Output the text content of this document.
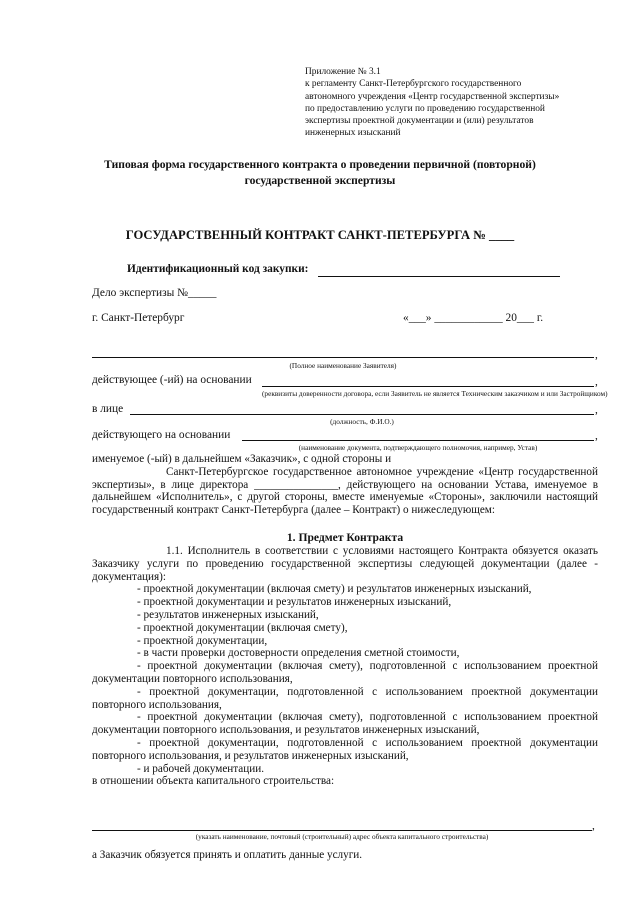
Приложение № 3.1
к регламенту Санкт-Петербургского государственного
автономного учреждения «Центр государственной экспертизы»
по предоставлению услуги по проведению государственной
экспертизы проектной документации и (или) результатов
инженерных изысканий
Типовая форма государственного контракта о проведении первичной (повторной)
государственной экспертизы
ГОСУДАРСТВЕННЫЙ КОНТРАКТ САНКТ-ПЕТЕРБУРГА № ____
Идентификационный код закупки:
Дело экспертизы №_____
г. Санкт-Петербург	«___» ____________ 20___ г.
,
(Полное наименование Заявителя)
действующее (-ий) на основании	,
(реквизиты доверенности договора, если Заявитель не является Техническим заказчиком и или Застройщиком)
в лице	,
(должность, Ф.И.О.)
действующего на основании	,
(наименование документа, подтверждающего полномочия, например, Устав)

именуемое (-ый) в дальнейшем «Заказчик», с одной стороны и

Санкт-Петербургское государственное автономное учреждение «Центр государственной экспертизы», в лице директора _______________, действующего на основании Устава, именуемое в дальнейшем «Исполнитель», с другой стороны, вместе именуемые «Стороны», заключили настоящий государственный контракт Санкт-Петербурга (далее – Контракт) о нижеследующем:

1. Предмет Контракта

1.1. Исполнитель в соответствии с условиями настоящего Контракта обязуется оказать Заказчику услуги по проведению государственной экспертизы следующей документации (далее - документация):

- проектной документации (включая смету) и результатов инженерных изысканий,

- проектной документации и результатов инженерных изысканий,

- результатов инженерных изысканий,

- проектной документации (включая смету),

- проектной документации,

- в части проверки достоверности определения сметной стоимости,

- проектной документации (включая смету), подготовленной с использованием проектной документации повторного использования,

- проектной документации, подготовленной с использованием проектной документации повторного использования,

- проектной документации (включая смету), подготовленной с использованием проектной документации повторного использования, и результатов инженерных изысканий,

- проектной документации, подготовленной с использованием проектной документации повторного использования, и результатов инженерных изысканий,

- и рабочей документации.

в отношении объекта капитального строительства:

(указать наименование, почтовый (строительный) адрес объекта капитального строительства)
,
а Заказчик обязуется принять и оплатить данные услуги.
